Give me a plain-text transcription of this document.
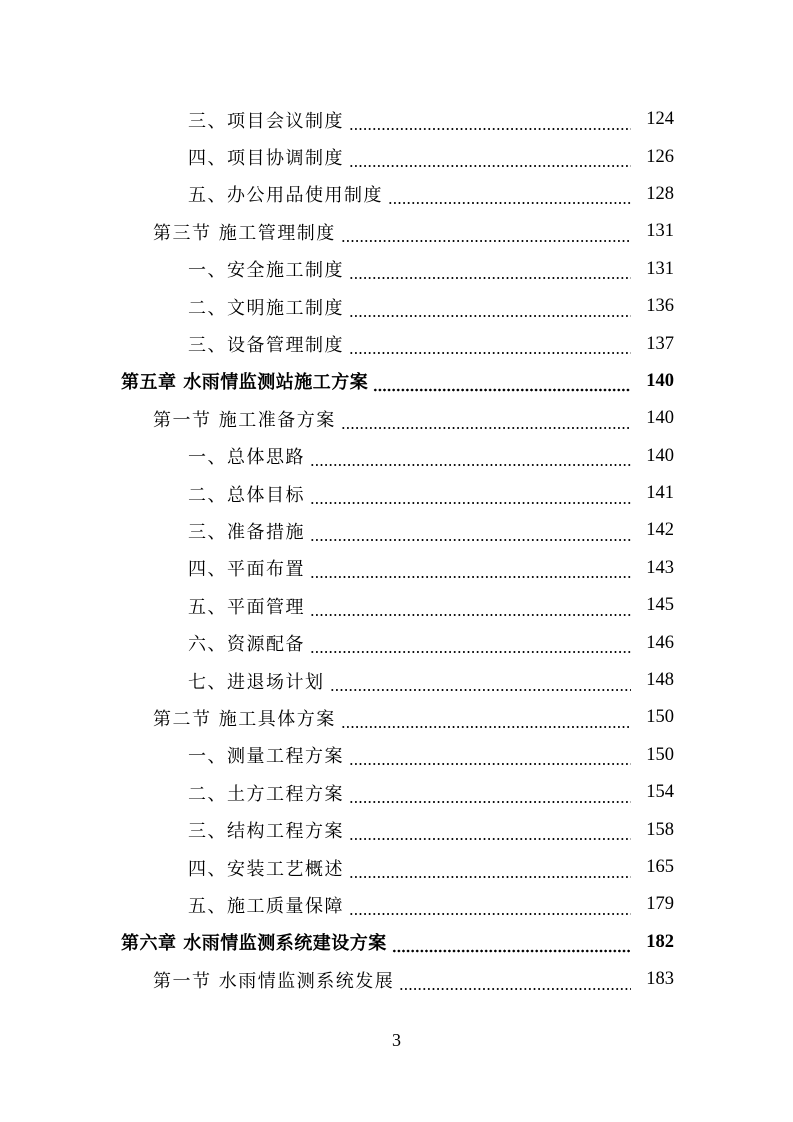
三、项目会议制度	124
四、项目协调制度	126
五、办公用品使用制度	128
第三节 施工管理制度	131
一、安全施工制度	131
二、文明施工制度	136
三、设备管理制度	137
第五章 水雨情监测站施工方案	140
第一节 施工准备方案	140
一、总体思路	140
二、总体目标	141
三、准备措施	142
四、平面布置	143
五、平面管理	145
六、资源配备	146
七、进退场计划	148
第二节 施工具体方案	150
一、测量工程方案	150
二、土方工程方案	154
三、结构工程方案	158
四、安装工艺概述	165
五、施工质量保障	179
第六章 水雨情监测系统建设方案	182
第一节 水雨情监测系统发展	183
3
